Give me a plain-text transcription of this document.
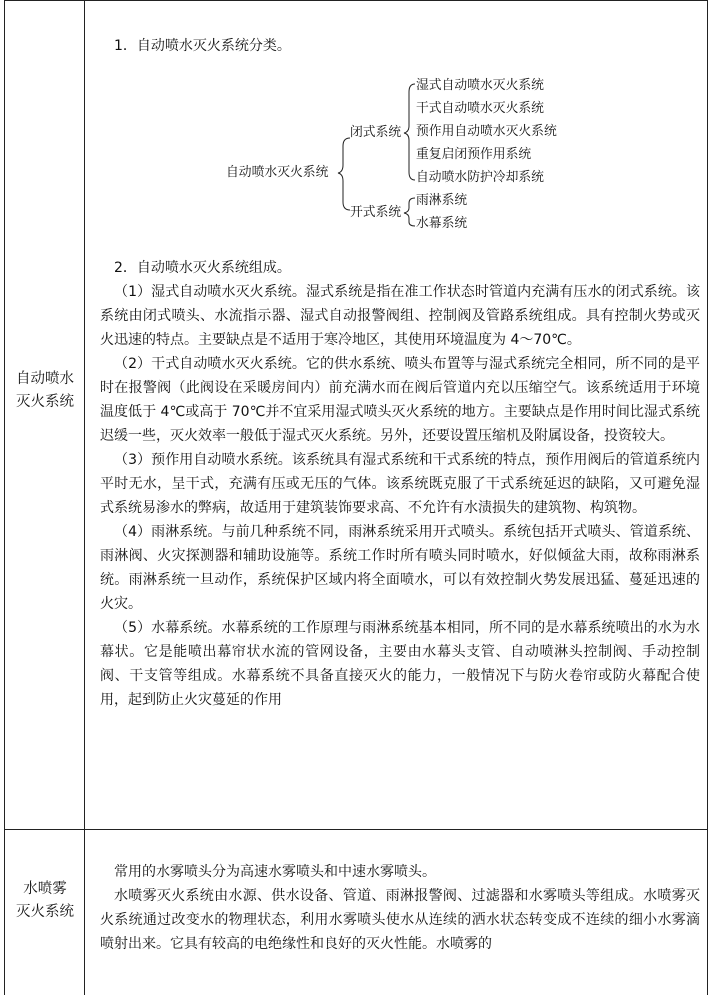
自动喷水
灭火系统

1．自动喷水灭火系统分类。

自动喷水灭火系统
闭式系统
开式系统
湿式自动喷水灭火系统
干式自动喷水灭火系统
预作用自动喷水灭火系统
重复启闭预作用系统
自动喷水防护冷却系统
雨淋系统
水幕系统

2．自动喷水灭火系统组成。

（1）湿式自动喷水灭火系统。湿式系统是指在准工作状态时管道内充满有压水的闭式系统。该系统由闭式喷头、水流指示器、湿式自动报警阀组、控制阀及管路系统组成。具有控制火势或灭火迅速的特点。主要缺点是不适用于寒冷地区，其使用环境温度为 4～70℃。

（2）干式自动喷水灭火系统。它的供水系统、喷头布置等与湿式系统完全相同，所不同的是平时在报警阀（此阀设在采暖房间内）前充满水而在阀后管道内充以压缩空气。该系统适用于环境温度低于 4℃或高于 70℃并不宜采用湿式喷头灭火系统的地方。主要缺点是作用时间比湿式系统迟缓一些，灭火效率一般低于湿式灭火系统。另外，还要设置压缩机及附属设备，投资较大。

（3）预作用自动喷水系统。该系统具有湿式系统和干式系统的特点，预作用阀后的管道系统内平时无水，呈干式，充满有压或无压的气体。该系统既克服了干式系统延迟的缺陷，又可避免湿式系统易渗水的弊病，故适用于建筑装饰要求高、不允许有水渍损失的建筑物、构筑物。

（4）雨淋系统。与前几种系统不同，雨淋系统采用开式喷头。系统包括开式喷头、管道系统、雨淋阀、火灾探测器和辅助设施等。系统工作时所有喷头同时喷水，好似倾盆大雨，故称雨淋系统。雨淋系统一旦动作，系统保护区域内将全面喷水，可以有效控制火势发展迅猛、蔓延迅速的火灾。

（5）水幕系统。水幕系统的工作原理与雨淋系统基本相同，所不同的是水幕系统喷出的水为水幕状。它是能喷出幕帘状水流的管网设备，主要由水幕头支管、自动喷淋头控制阀、手动控制阀、干支管等组成。水幕系统不具备直接灭火的能力，一般情况下与防火卷帘或防火幕配合使用，起到防止火灾蔓延的作用

水喷雾
灭火系统

常用的水雾喷头分为高速水雾喷头和中速水雾喷头。

水喷雾灭火系统由水源、供水设备、管道、雨淋报警阀、过滤器和水雾喷头等组成。水喷雾灭火系统通过改变水的物理状态，利用水雾喷头使水从连续的洒水状态转变成不连续的细小水雾滴喷射出来。它具有较高的电绝缘性和良好的灭火性能。水喷雾的
